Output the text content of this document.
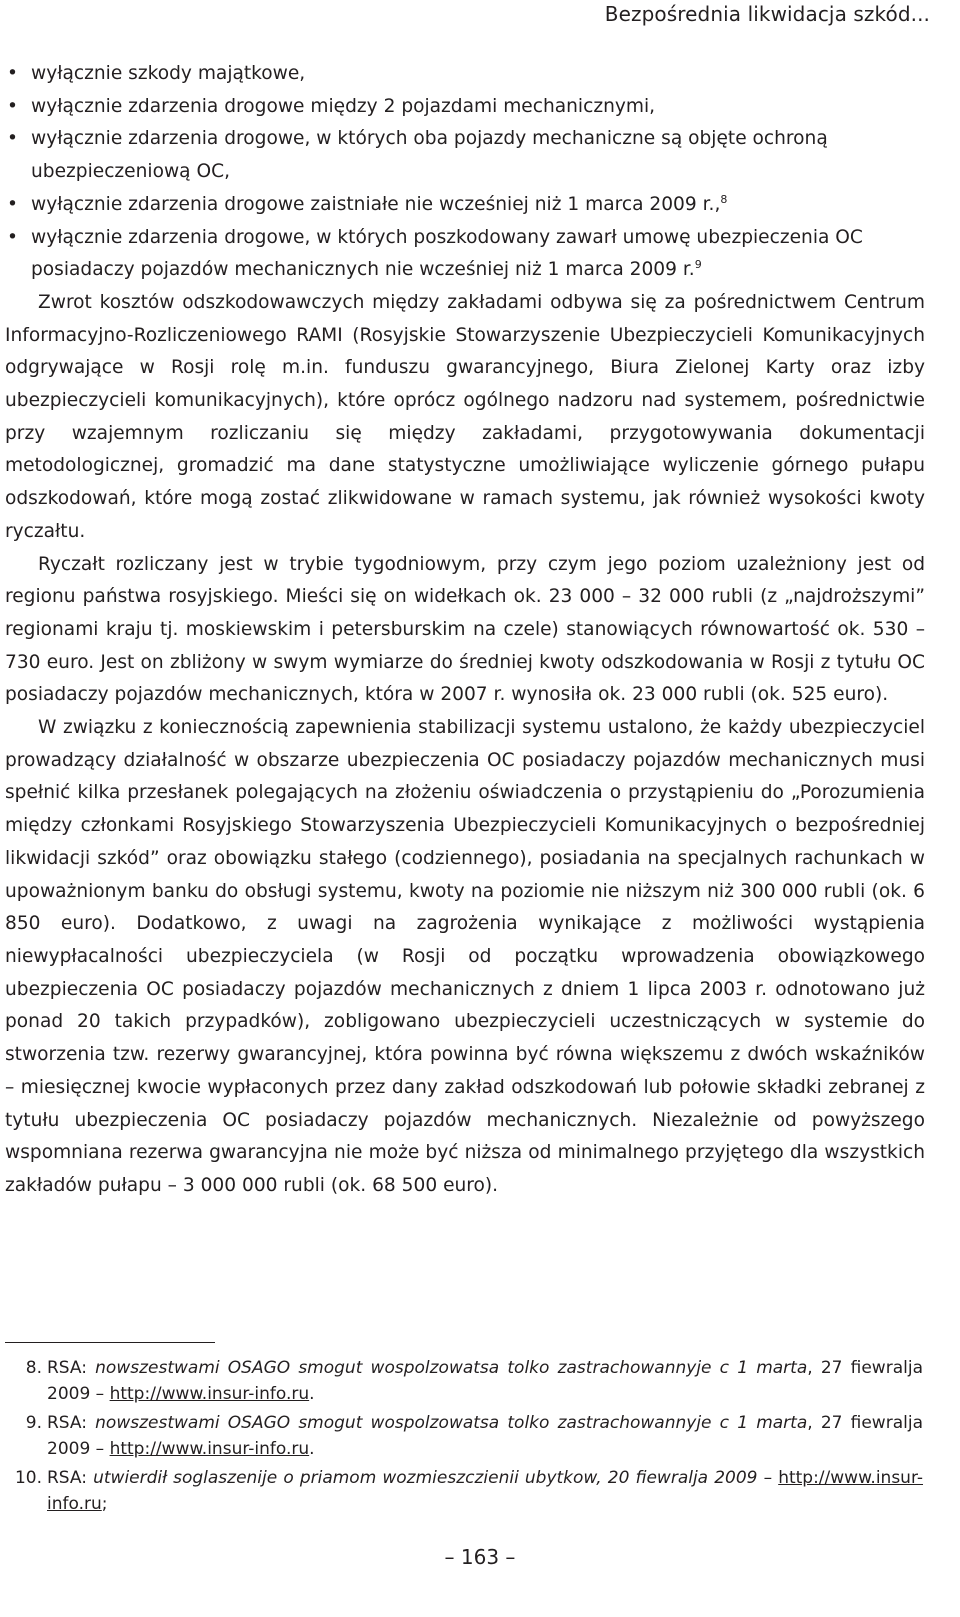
Bezpośrednia likwidacja szkód...
• wyłącznie szkody majątkowe,
• wyłącznie zdarzenia drogowe między 2 pojazdami mechanicznymi,
• wyłącznie zdarzenia drogowe, w których oba pojazdy mechaniczne są objęte ochroną ubezpieczeniową OC,
• wyłącznie zdarzenia drogowe zaistniałe nie wcześniej niż 1 marca 2009 r.,$^8$
• wyłącznie zdarzenia drogowe, w których poszkodowany zawarł umowę ubezpieczenia OC posiadaczy pojazdów mechanicznych nie wcześniej niż 1 marca 2009 r.$^9$

Zwrot kosztów odszkodowawczych między zakładami odbywa się za pośrednictwem Centrum Informacyjno-Rozliczeniowego RAMI (Rosyjskie Stowarzyszenie Ubezpieczycieli Komunikacyjnych odgrywające w Rosji rolę m.in. funduszu gwarancyjnego, Biura Zielonej Karty oraz izby ubezpieczycieli komunikacyjnych), które oprócz ogólnego nadzoru nad systemem, pośrednictwie przy wzajemnym rozliczaniu się między zakładami, przygotowywania dokumentacji metodologicznej, gromadzić ma dane statystyczne umożliwiające wyliczenie górnego pułapu odszkodowań, które mogą zostać zlikwidowane w ramach systemu, jak również wysokości kwoty ryczałtu.

Ryczałt rozliczany jest w trybie tygodniowym, przy czym jego poziom uzależniony jest od regionu państwa rosyjskiego. Mieści się on widełkach ok. 23 000 – 32 000 rubli (z „najdroższymi” regionami kraju tj. moskiewskim i petersburskim na czele) stanowiących równowartość ok. 530 – 730 euro. Jest on zbliżony w swym wymiarze do średniej kwoty odszkodowania w Rosji z tytułu OC posiadaczy pojazdów mechanicznych, która w 2007 r. wynosiła ok. 23 000 rubli (ok. 525 euro).

W związku z koniecznością zapewnienia stabilizacji systemu ustalono, że każdy ubezpieczyciel prowadzący działalność w obszarze ubezpieczenia OC posiadaczy pojazdów mechanicznych musi spełnić kilka przesłanek polegających na złożeniu oświadczenia o przystąpieniu do „Porozumienia między członkami Rosyjskiego Stowarzyszenia Ubezpieczycieli Komunikacyjnych o bezpośredniej likwidacji szkód” oraz obowiązku stałego (codziennego), posiadania na specjalnych rachunkach w upoważnionym banku do obsługi systemu, kwoty na poziomie nie niższym niż 300 000 rubli (ok. 6 850 euro). Dodatkowo, z uwagi na zagrożenia wynikające z możliwości wystąpienia niewypłacalności ubezpieczyciela (w Rosji od początku wprowadzenia obowiązkowego ubezpieczenia OC posiadaczy pojazdów mechanicznych z dniem 1 lipca 2003 r. odnotowano już ponad 20 takich przypadków), zobligowano ubezpieczycieli uczestniczących w systemie do stworzenia tzw. rezerwy gwarancyjnej, która powinna być równa większemu z dwóch wskaźników – miesięcznej kwocie wypłaconych przez dany zakład odszkodowań lub połowie składki zebranej z tytułu ubezpieczenia OC posiadaczy pojazdów mechanicznych. Niezależnie od powyższego wspomniana rezerwa gwarancyjna nie może być niższa od minimalnego przyjętego dla wszystkich zakładów pułapu – 3 000 000 rubli (ok. 68 500 euro).

8. RSA: nowszestwami OSAGO smogut wospolzowatsa tolko zastrachowannyje c 1 marta, 27 fiewralja 2009 – http://www.insur-info.ru.
9. RSA: nowszestwami OSAGO smogut wospolzowatsa tolko zastrachowannyje c 1 marta, 27 fiewralja 2009 – http://www.insur-info.ru.
10. RSA: utwierdił soglaszenije o priamom wozmieszczienii ubytkow, 20 fiewralja 2009 – http://www.insur-info.ru;
– 163 –
